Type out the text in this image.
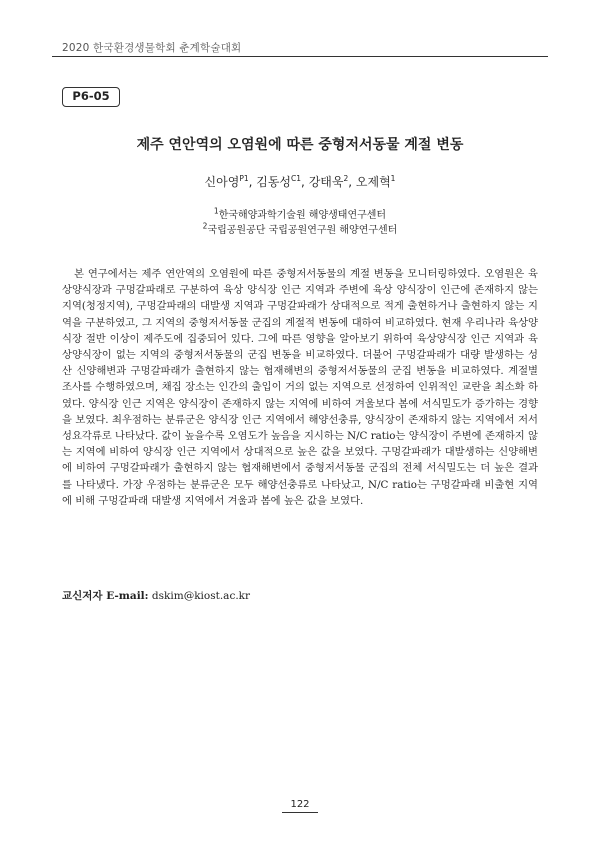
2020 한국환경생물학회 춘계학술대회
P6-05
제주 연안역의 오염원에 따른 중형저서동물 계절 변동
신아영$^{P1}$, 김동성$^{C1}$, 강태욱$^2$, 오제혁$^1$
$^1$한국해양과학기술원 해양생태연구센터
$^2$국립공원공단 국립공원연구원 해양연구센터

본 연구에서는 제주 연안역의 오염원에 따른 중형저서동물의 계절 변동을 모니터링하였다. 오염원은 육상양식장과 구멍갈파래로 구분하여 육상 양식장 인근 지역과 주변에 육상 양식장이 인근에 존재하지 않는 지역(청정지역), 구멍갈파래의 대발생 지역과 구멍갈파래가 상대적으로 적게 출현하거나 출현하지 않는 지역을 구분하였고, 그 지역의 중형저서동물 군집의 계절적 변동에 대하여 비교하였다. 현재 우리나라 육상양식장 절반 이상이 제주도에 집중되어 있다. 그에 따른 영향을 알아보기 위하여 육상양식장 인근 지역과 육상양식장이 없는 지역의 중형저서동물의 군집 변동을 비교하였다. 더불어 구멍갈파래가 대량 발생하는 성산 신양해변과 구멍갈파래가 출현하지 않는 협재해변의 중형저서동물의 군집 변동을 비교하였다. 계절별 조사를 수행하였으며, 채집 장소는 인간의 출입이 거의 없는 지역으로 선정하여 인위적인 교란을 최소화 하였다. 양식장 인근 지역은 양식장이 존재하지 않는 지역에 비하여 겨울보다 봄에 서식밀도가 증가하는 경향을 보였다. 최우점하는 분류군은 양식장 인근 지역에서 해양선충류, 양식장이 존재하지 않는 지역에서 저서성요각류로 나타났다. 값이 높을수록 오염도가 높음을 지시하는 N/C ratio는 양식장이 주변에 존재하지 않는 지역에 비하여 양식장 인근 지역에서 상대적으로 높은 값을 보였다. 구멍갈파래가 대발생하는 신양해변에 비하여 구멍갈파래가 출현하지 않는 협재해변에서 중형저서동물 군집의 전체 서식밀도는 더 높은 결과를 나타냈다. 가장 우점하는 분류군은 모두 해양선충류로 나타났고, N/C ratio는 구멍갈파래 비출현 지역에 비해 구멍갈파래 대발생 지역에서 겨울과 봄에 높은 값을 보였다.

교신저자 E-mail: dskim@kiost.ac.kr
122
